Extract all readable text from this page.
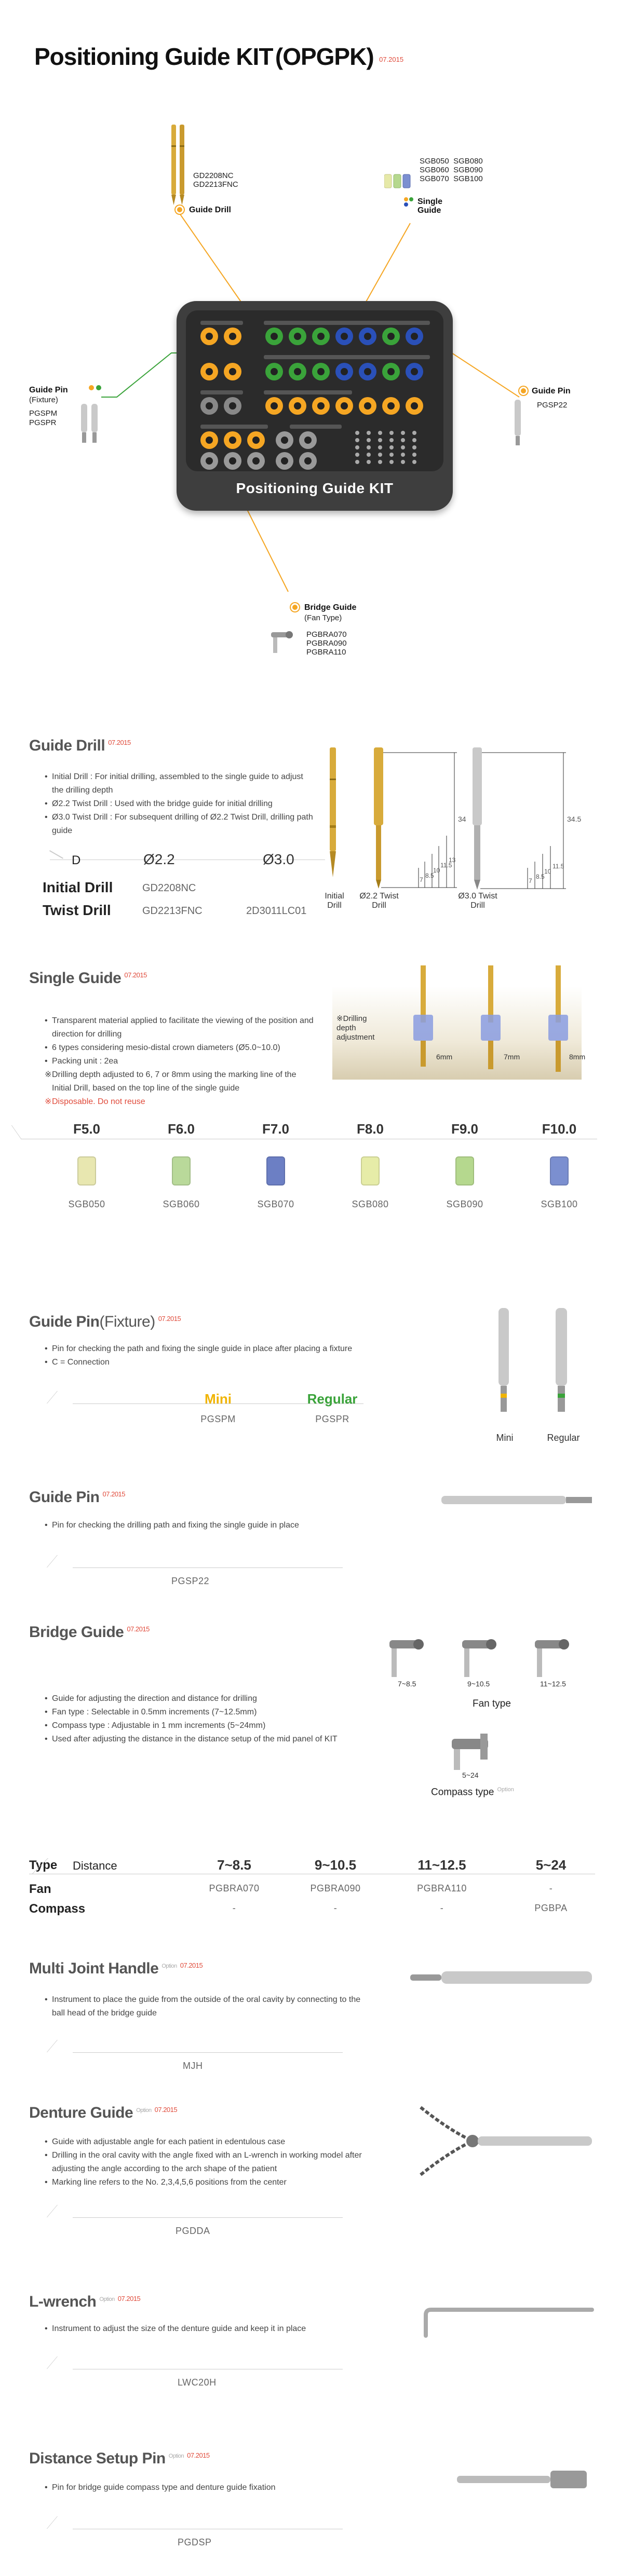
Positioning Guide KIT (OPGPK) $^{07.2015}$
GD2208NC
GD2213FNC
Guide Drill
SGB050 SGB080
SGB060 SGB090
SGB070 SGB100
Single Guide
Guide Pin
(Fixture)
PGSPM
PGSPR
Guide Pin
PGSP22
Bridge Guide
(Fan Type)
PGBRA070
PGBRA090
PGBRA110
Positioning Guide KIT
Guide Drill $^{07.2015}$
• Initial Drill : For initial drilling, assembled to the single guide to adjust the drilling depth
• Ø2.2 Twist Drill : Used with the bridge guide for initial drilling
• Ø3.0 Twist Drill : For subsequent drilling of Ø2.2 Twist Drill, drilling path guide
D	Ø2.2	Ø3.0
Initial Drill	GD2208NC
Twist Drill	GD2213FNC	2D3011LC01
34
13
11.5
10
8.5
7
34.5
11.5
10
8.5
7
Initial Drill
Ø2.2 Twist Drill
Ø3.0 Twist Drill
Single Guide $^{07.2015}$
• Transparent material applied to facilitate the viewing of the position and direction for drilling
• 6 types considering mesio-distal crown diameters (Ø5.0~10.0)
• Packing unit : 2ea
※ Drilling depth adjusted to 6, 7 or 8mm using the marking line of the Initial Drill, based on the top line of the single guide
※ Disposable. Do not reuse
※Drilling depth adjustment
6mm	7mm	8mm
F5.0
SGB050
F6.0
SGB060
F7.0
SGB070
F8.0
SGB080
F9.0
SGB090
F10.0
SGB100
Guide Pin(Fixture) $^{07.2015}$
• Pin for checking the path and fixing the single guide in place after placing a fixture
• C = Connection
Mini	Regular
PGSPM	PGSPR
Mini	Regular
Guide Pin $^{07.2015}$
• Pin for checking the drilling path and fixing the single guide in place
PGSP22
Bridge Guide $^{07.2015}$
• Guide for adjusting the direction and distance for drilling
• Fan type : Selectable in 0.5mm increments (7~12.5mm)
• Compass type : Adjustable in 1 mm increments (5~24mm)
• Used after adjusting the distance in the distance setup of the mid panel of KIT
7~8.5	9~10.5	11~12.5
Fan type
5~24
Compass type $^{Option}$
Type Distance	7~8.5	9~10.5	11~12.5	5~24
Fan	PGBRA070	PGBRA090	PGBRA110	-
Compass	-	-	-	PGBPA
Multi Joint Handle $^{Option}$ $^{07.2015}$
• Instrument to place the guide from the outside of the oral cavity by connecting to the ball head of the bridge guide
MJH
Denture Guide $^{Option}$ $^{07.2015}$
• Guide with adjustable angle for each patient in edentulous case
• Drilling in the oral cavity with the angle fixed with an L-wrench in working model after adjusting the angle according to the arch shape of the patient
• Marking line refers to the No. 2,3,4,5,6 positions from the center
PGDDA
L-wrench $^{Option}$ $^{07.2015}$
• Instrument to adjust the size of the denture guide and keep it in place
LWC20H
Distance Setup Pin $^{Option}$ $^{07.2015}$
• Pin for bridge guide compass type and denture guide fixation
PGDSP
